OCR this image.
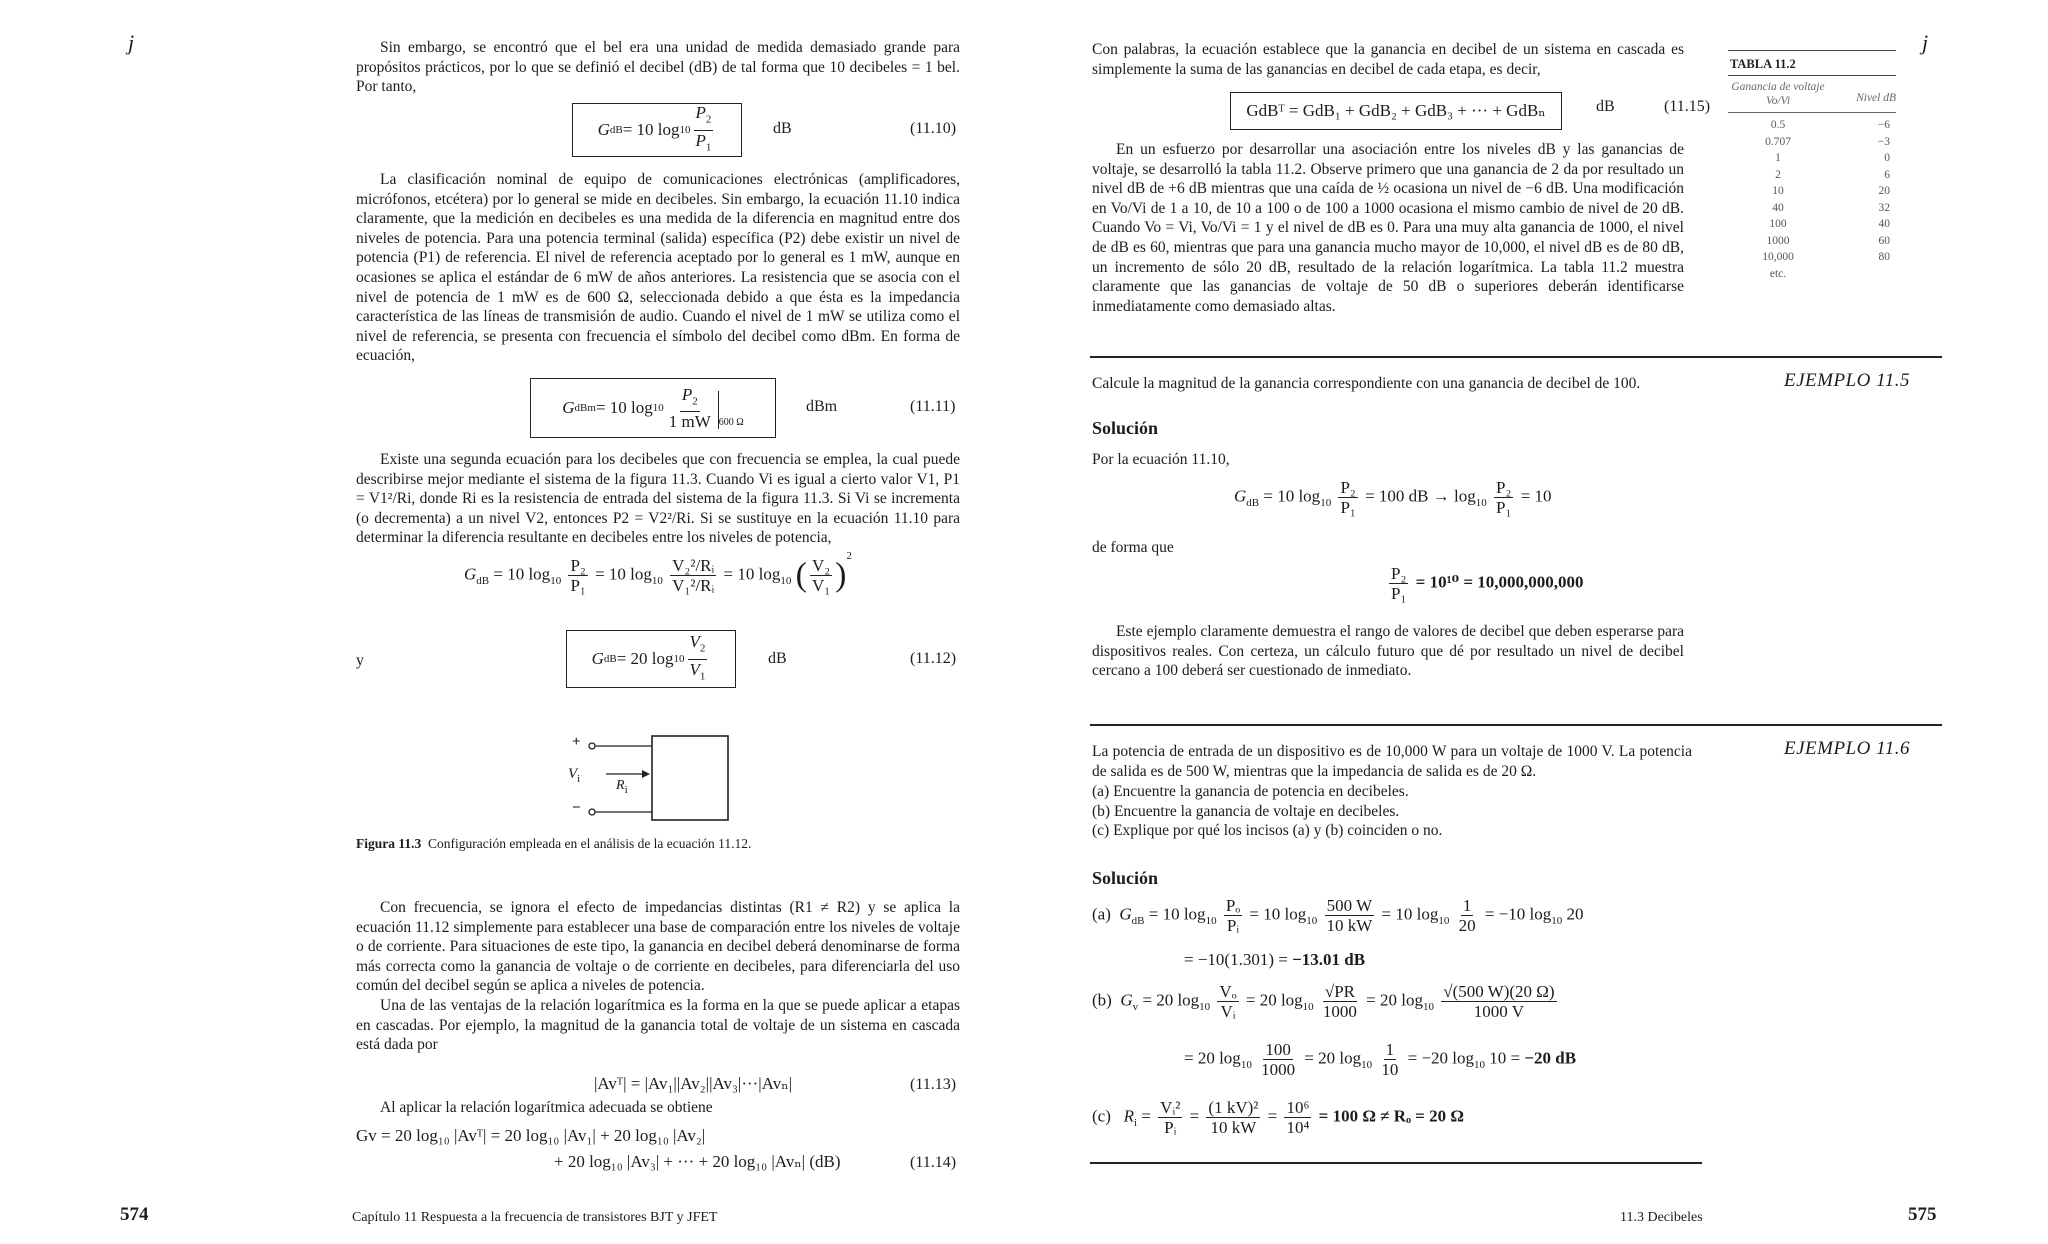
j	Sin embargo, se encontró que el bel era una unidad de medida demasiado grande para propósitos prácticos, por lo que se definió el decibel (dB) de tal forma que 10 decibeles = 1 bel. Por tanto,

G dB = 10 $\log 10 \frac{P_2}{P_1}$	dB	(11.10)

La clasificación nominal de equipo de comunicaciones electrónicas (amplificadores, micrófonos, etcétera) por lo general se mide en decibeles. Sin embargo, la ecuación 11.10 indica claramente, que la medición en decibeles es una medida de la diferencia en magnitud entre dos niveles de potencia. Para una potencia terminal (salida) específica (P2) debe existir un nivel de potencia (P1) de referencia. El nivel de referencia aceptado por lo general es 1 mW, aunque en ocasiones se aplica el estándar de 6 mW de años anteriores. La resistencia que se asocia con el nivel de potencia de 1 mW es de 600 Ω, seleccionada debido a que ésta es la impedancia característica de las líneas de transmisión de audio. Cuando el nivel de 1 mW se utiliza como el nivel de referencia, se presenta con frecuencia el símbolo del decibel como dBm. En forma de ecuación,

G dBm = 10 $\log 10 \frac{P_2}{1 mW} _{600 \Omega}$
dBm	(11.11)

Existe una segunda ecuación para los decibeles que con frecuencia se emplea, la cual puede describirse mejor mediante el sistema de la figura 11.3. Cuando Vi es igual a cierto valor V1, P1 = V1²/Ri, donde Ri es la resistencia de entrada del sistema de la figura 11.3. Si Vi se incrementa (o decrementa) a un nivel V2, entonces P2 = V2²/Ri. Si se sustituye en la ecuación 11.10 para determinar la diferencia resultante en decibeles entre los niveles de potencia,

$G_{dB} = 10$ $\log_{10} \frac{\text{P₂}}{\text{P₁}} = 10$ $\log_{10} \frac{\text{V₂²/Rᵢ}}{\text{V₁²/Rᵢ}} = 10$ $\log_{10}$ ( $\frac{\text{V₂}}{\text{V₁}} )^2$
y	G dB = 20 $\log 10 \frac{V_2}{V_1}$	dB	(11.12)
+
−
$V_i$	$R_i$
Figura 11.3 Configuración empleada en el análisis de la ecuación 11.12.

Con frecuencia, se ignora el efecto de impedancias distintas (R1 ≠ R2) y se aplica la ecuación 11.12 simplemente para establecer una base de comparación entre los niveles de voltaje o de corriente. Para situaciones de este tipo, la ganancia en decibel deberá denominarse de forma más correcta como la ganancia de voltaje o de corriente en decibeles, para diferenciarla del uso común del decibel según se aplica a niveles de potencia.

Una de las ventajas de la relación logarítmica es la forma en la que se puede aplicar a etapas en cascadas. Por ejemplo, la magnitud de la ganancia total de voltaje de un sistema en cascada está dada por

|Avᵀ| = |Av₁||Av₂||Av₃|···|Avₙ|	(11.13)

Al aplicar la relación logarítmica adecuada se obtiene

Gv = 20 log₁₀ |Avᵀ| = 20 log₁₀ |Av₁| + 20 log₁₀ |Av₂|
+ 20 log₁₀ |Av₃| + ··· + 20 log₁₀ |Avₙ| (dB)	(11.14)
574	Capítulo 11 Respuesta a la frecuencia de transistores BJT y JFET
j

Con palabras, la ecuación establece que la ganancia en decibel de un sistema en cascada es simplemente la suma de las ganancias en decibel de cada etapa, es decir,

GdBᵀ = GdB₁ + GdB₂ + GdB₃ + ··· + GdBₙ	dB	(11.15)

En un esfuerzo por desarrollar una asociación entre los niveles dB y las ganancias de voltaje, se desarrolló la tabla 11.2. Observe primero que una ganancia de 2 da por resultado un nivel dB de +6 dB mientras que una caída de ½ ocasiona un nivel de −6 dB. Una modificación en Vo/Vi de 1 a 10, de 10 a 100 o de 100 a 1000 ocasiona el mismo cambio de nivel de 20 dB. Cuando Vo = Vi, Vo/Vi = 1 y el nivel de dB es 0. Para una muy alta ganancia de 1000, el nivel de dB es 60, mientras que para una ganancia mucho mayor de 10,000, el nivel dB es de 80 dB, un incremento de sólo 20 dB, resultado de la relación logarítmica. La tabla 11.2 muestra claramente que las ganancias de voltaje de 50 dB o superiores deberán identificarse inmediatamente como demasiado altas.

TABLA 11.2
Ganancia de voltaje
Vo/Vi	Nivel dB
0.5	−6
0.707	−3
1	0
2	6
10	20
40	32
100	40
1000	60
10,000	80
etc.	

Calcule la magnitud de la ganancia correspondiente con una ganancia de decibel de 100.	EJEMPLO 11.5
Solución

Por la ecuación 11.10,

$G_{dB} = 10$ $\log_{10} \frac{\text{P₂}}{\text{P₁}} = 100$ dB → $\log_{10} \frac{\text{P₂}}{\text{P₁}} = 10$

de forma que

$\frac{\text{P₂}}{\text{P₁}} = 10^{10} = 10,000,000,000$

Este ejemplo claramente demuestra el rango de valores de decibel que deben esperarse para dispositivos reales. Con certeza, un cálculo futuro que dé por resultado un nivel de decibel cercano a 100 deberá ser cuestionado de inmediato.

La potencia de entrada de un dispositivo es de 10,000 W para un voltaje de 1000 V. La potencia de salida es de 500 W, mientras que la impedancia de salida es de 20 Ω.

EJEMPLO 11.6
(a) Encuentre la ganancia de potencia en decibeles.
(b) Encuentre la ganancia de voltaje en decibeles.
(c) Explique por qué los incisos (a) y (b) coinciden o no.
Solución
(a) $G_{dB} = 10$ $\log_{10} \frac{\text{Pₒ}}{\text{Pᵢ}} = 10$ $\log_{10} \frac{500 W}{10 kW} = 10$ $\log_{10} \frac{1}{20} = -10$ $\log_{10} 20$
= −10(1.301) = −13.01 dB
(b) $G_v = 20$ $\log_{10} \frac{\text{Vₒ}}{\text{Vᵢ}} = 20$ $\log_{10} \frac{√PR}{1000} = 20$ $\log_{10} \frac{√(500 W)(20 \Omega)}{1000 V}$
= 20 $\log_{10} \frac{100}{1000} = 20$ $\log_{10} \frac{1}{10} = -20$ $\log_{10} 10 = -20$ dB
(c) $R_i = \frac{\text{Vᵢ²}}{\text{Pᵢ}} = \frac{\text{(1 kV)²}}{10 kW} = \frac{\text{10⁶}}{\text{10⁴}} = 100$ Ω ≠ Rₒ = 20 Ω
11.3 Decibeles	575
